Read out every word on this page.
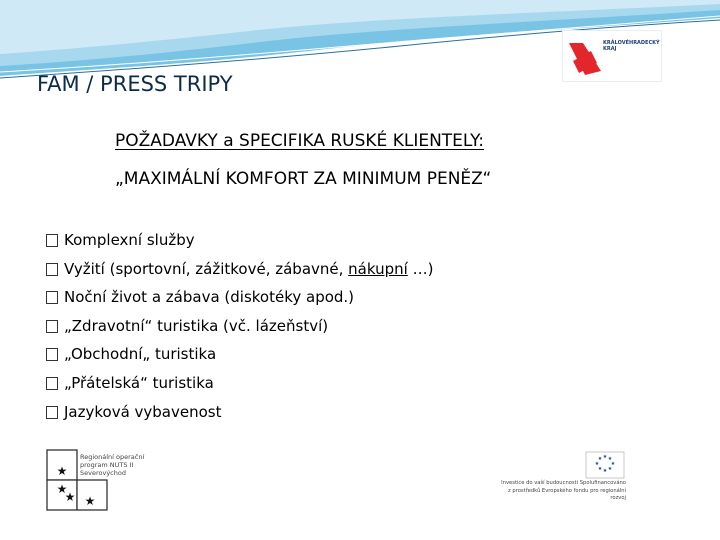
KRÁLOVÉHRADECKÝ KRAJ
FAM / PRESS TRIPY
POŽADAVKY a SPECIFIKA RUSKÉ KLIENTELY:
„MAXIMÁLNÍ KOMFORT ZA MINIMUM PENĚZ“
Komplexní služby
Vyžití (sportovní, zážitkové, zábavné, nákupní …)
Noční život a zábava (diskotéky apod.)
„Zdravotní“ turistika (vč. lázeňství)
„Obchodní„ turistika
„Přátelská“ turistika
Jazyková vybavenost
★
★
★ ★
Regionální operační program NUTS II Severovýchod
★ ★
★
★
★
★
★
★
Investice do vaší budoucnosti Spolufinancováno z prostředků Evropského fondu pro regionální rozvoj
